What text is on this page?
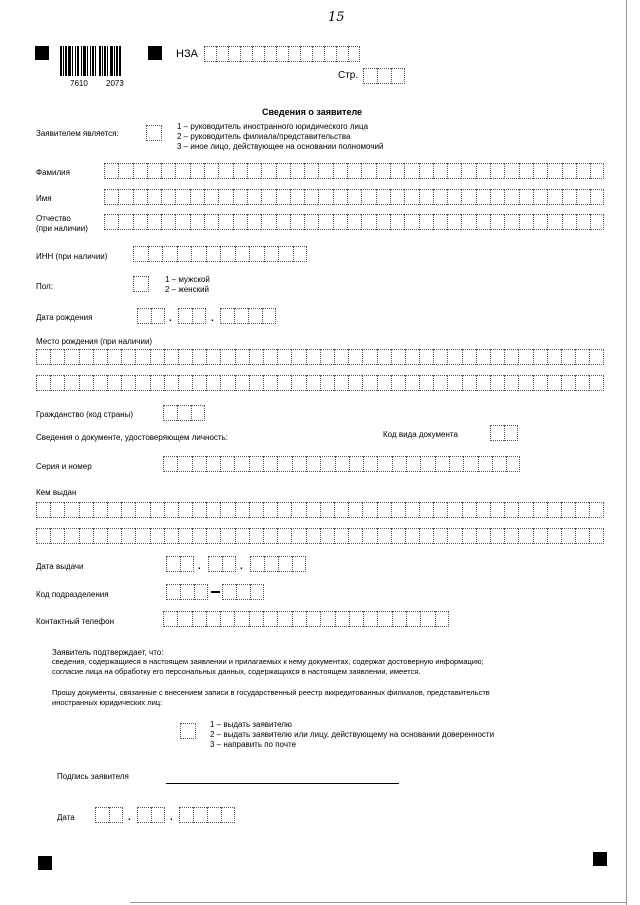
15
7610 2073
НЗА
Стр.
Сведения о заявителе
Заявителем является:
1 – руководитель иностранного юридического лица
2 – руководитель филиала/представительства
3 – иное лицо, действующее на основании полномочий
Фамилия
Имя
Отчество
(при наличии)
ИНН (при наличии)
Пол:
1 – мужской
2 – женский
Дата рождения	.	.
Место рождения (при наличии)
Гражданство (код страны)
Сведения о документе, удостоверяющем личность:	Код вида документа
Серия и номер
Кем выдан
Дата выдачи	.	.
Код подразделения
Контактный телефон
Заявитель подтверждает, что:
сведения, содержащиеся в настоящем заявлении и прилагаемых к нему документах, содержат достоверную информацию;
согласие лица на обработку его персональных данных, содержащихся в настоящем заявлении, имеется.
Прошу документы, связанные с внесением записи в государственный реестр аккредитованных филиалов, представительств
иностранных юридических лиц:
1 – выдать заявителю
2 – выдать заявителю или лицу, действующему на основании доверенности
3 – направить по почте
Подпись заявителя
Дата	.	.
